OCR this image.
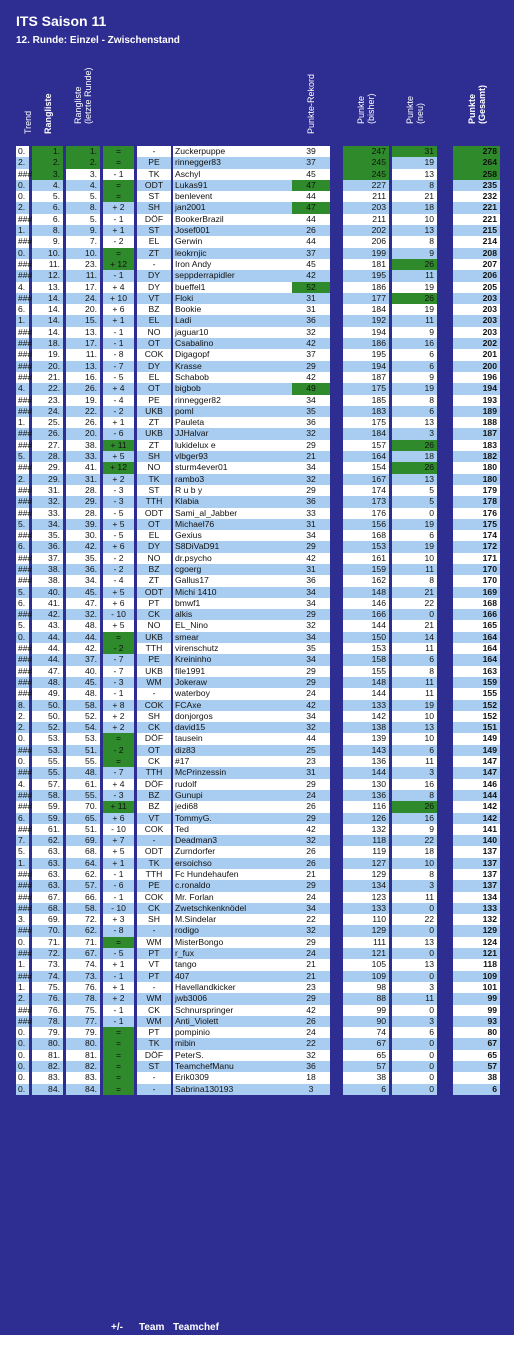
ITS Saison 11
12. Runde: Einzel - Zwischenstand
Trend Rangliste Rangliste
(letzte Runde)
+/- Team Teamchef
Punkte-Rekord	Punkte
(bisher)	Punkte
(neu)	Punkte
(Gesamt)
0.	1.	1.	=	-	Zuckerpuppe	39	247	31	278
2.	2.	2.	=	PE	rinnegger83	37	245	19	264
###	3.	3.	- 1	TK	Aschyl	45	245	13	258
0.	4.	4.	=	ODT	Lukas91	47	227	8	235
0.	5.	5.	=	ST	benlevent	44	211	21	232
2.	6.	8.	+ 2	SH	jan2001	47	203	18	221
###	6.	5.	- 1	DÖF	BookerBrazil	44	211	10	221
1.	8.	9.	+ 1	ST	Josef001	26	202	13	215
###	9.	7.	- 2	EL	Gerwin	44	206	8	214
0.	10.	10.	=	ZT	leokrnjic	37	199	9	208
###	11.	23.	+ 12	-	Iron Andy	45	181	26	207
###	12.	11.	- 1	DY	seppderrapidler	42	195	11	206
4.	13.	17.	+ 4	DY	bueffel1	52	186	19	205
###	14.	24.	+ 10	VT	Floki	31	177	26	203
6.	14.	20.	+ 6	BZ	Bookie	31	184	19	203
1.	14.	15.	+ 1	EL	Ladi	36	192	11	203
###	14.	13.	- 1	NO	jaguar10	32	194	9	203
###	18.	17.	- 1	OT	Csabalino	42	186	16	202
###	19.	11.	- 8	COK	Digagopf	37	195	6	201
###	20.	13.	- 7	DY	Krasse	29	194	6	200
###	21.	16.	- 5	EL	Schabob	42	187	9	196
4.	22.	26.	+ 4	OT	bigbob	49	175	19	194
###	23.	19.	- 4	PE	rinnegger82	34	185	8	193
###	24.	22.	- 2	UKB	poml	35	183	6	189
1.	25.	26.	+ 1	ZT	Pauleta	36	175	13	188
###	26.	20.	- 6	UKB	JJHalvar	32	184	3	187
###	27.	38.	+ 11	ZT	lukidelux e	29	157	26	183
5.	28.	33.	+ 5	SH	vlbger93	21	164	18	182
###	29.	41.	+ 12	NO	sturm4ever01	34	154	26	180
2.	29.	31.	+ 2	TK	rambo3	32	167	13	180
###	31.	28.	- 3	ST	R u b y	29	174	5	179
###	32.	29.	- 3	TTH	Klabia	36	173	5	178
###	33.	28.	- 5	ODT	Sami_al_Jabber	33	176	0	176
5.	34.	39.	+ 5	OT	Michael76	31	156	19	175
###	35.	30.	- 5	EL	Gexius	34	168	6	174
6.	36.	42.	+ 6	DY	S8DiVaD91	29	153	19	172
###	37.	35.	- 2	NO	dr.psycho	42	161	10	171
###	38.	36.	- 2	BZ	cgoerg	31	159	11	170
###	38.	34.	- 4	ZT	Gallus17	36	162	8	170
5.	40.	45.	+ 5	ODT	Michi 1410	34	148	21	169
6.	41.	47.	+ 6	PT	bmwf1	34	146	22	168
###	42.	32.	- 10	CK	alkis	29	166	0	166
5.	43.	48.	+ 5	NO	EL_Nino	32	144	21	165
0.	44.	44.	=	UKB	smear	34	150	14	164
###	44.	42.	- 2	TTH	virenschutz	35	153	11	164
###	44.	37.	- 7	PE	Kreininho	34	158	6	164
###	47.	40.	- 7	UKB	file1991	29	155	8	163
###	48.	45.	- 3	WM	Jokeraw	29	148	11	159
###	49.	48.	- 1	-	waterboy	24	144	11	155
8.	50.	58.	+ 8	COK	FCAxe	42	133	19	152
2.	50.	52.	+ 2	SH	donjorgos	34	142	10	152
2.	52.	54.	+ 2	CK	david15	32	138	13	151
0.	53.	53.	=	DÖF	tausein	44	139	10	149
###	53.	51.	- 2	OT	diz83	25	143	6	149
0.	55.	55.	=	CK	#17	23	136	11	147
###	55.	48.	- 7	TTH	McPrinzessin	31	144	3	147
4.	57.	61.	+ 4	DÖF	rudolf	29	130	16	146
###	58.	55.	- 3	BZ	Gunupi	24	136	8	144
###	59.	70.	+ 11	BZ	jedi68	26	116	26	142
6.	59.	65.	+ 6	VT	TommyG.	29	126	16	142
###	61.	51.	- 10	COK	Ted	42	132	9	141
7.	62.	69.	+ 7	-	Deadman3	32	118	22	140
5.	63.	68.	+ 5	ODT	Zurndorfer	26	119	18	137
1.	63.	64.	+ 1	TK	ersoichso	26	127	10	137
###	63.	62.	- 1	TTH	Fc Hundehaufen	21	129	8	137
###	63.	57.	- 6	PE	c.ronaldo	29	134	3	137
###	67.	66.	- 1	COK	Mr. Forlan	24	123	11	134
###	68.	58.	- 10	CK	Zwetschkenknödel	34	133	0	133
3.	69.	72.	+ 3	SH	M.Sindelar	22	110	22	132
###	70.	62.	- 8	-	rodigo	32	129	0	129
0.	71.	71.	=	WM	MisterBongo	29	111	13	124
###	72.	67.	- 5	PT	r_fux	24	121	0	121
1.	73.	74.	+ 1	VT	tango	21	105	13	118
###	74.	73.	- 1	PT	407	21	109	0	109
1.	75.	76.	+ 1	-	Havellandkicker	23	98	3	101
2.	76.	78.	+ 2	WM	jwb3006	29	88	11	99
###	76.	75.	- 1	CK	Schnurspringer	42	99	0	99
###	78.	77.	- 1	WM	Anti_Violett	26	90	3	93
0.	79.	79.	=	PT	pompinio	24	74	6	80
0.	80.	80.	=	TK	mibin	22	67	0	67
0.	81.	81.	=	DÖF	PeterS.	32	65	0	65
0.	82.	82.	=	ST	TeamchefManu	36	57	0	57
0.	83.	83.	=	-	Erik0309	18	38	0	38
0.	84.	84.	=	-	Sabrina130193	3	6	0	6
